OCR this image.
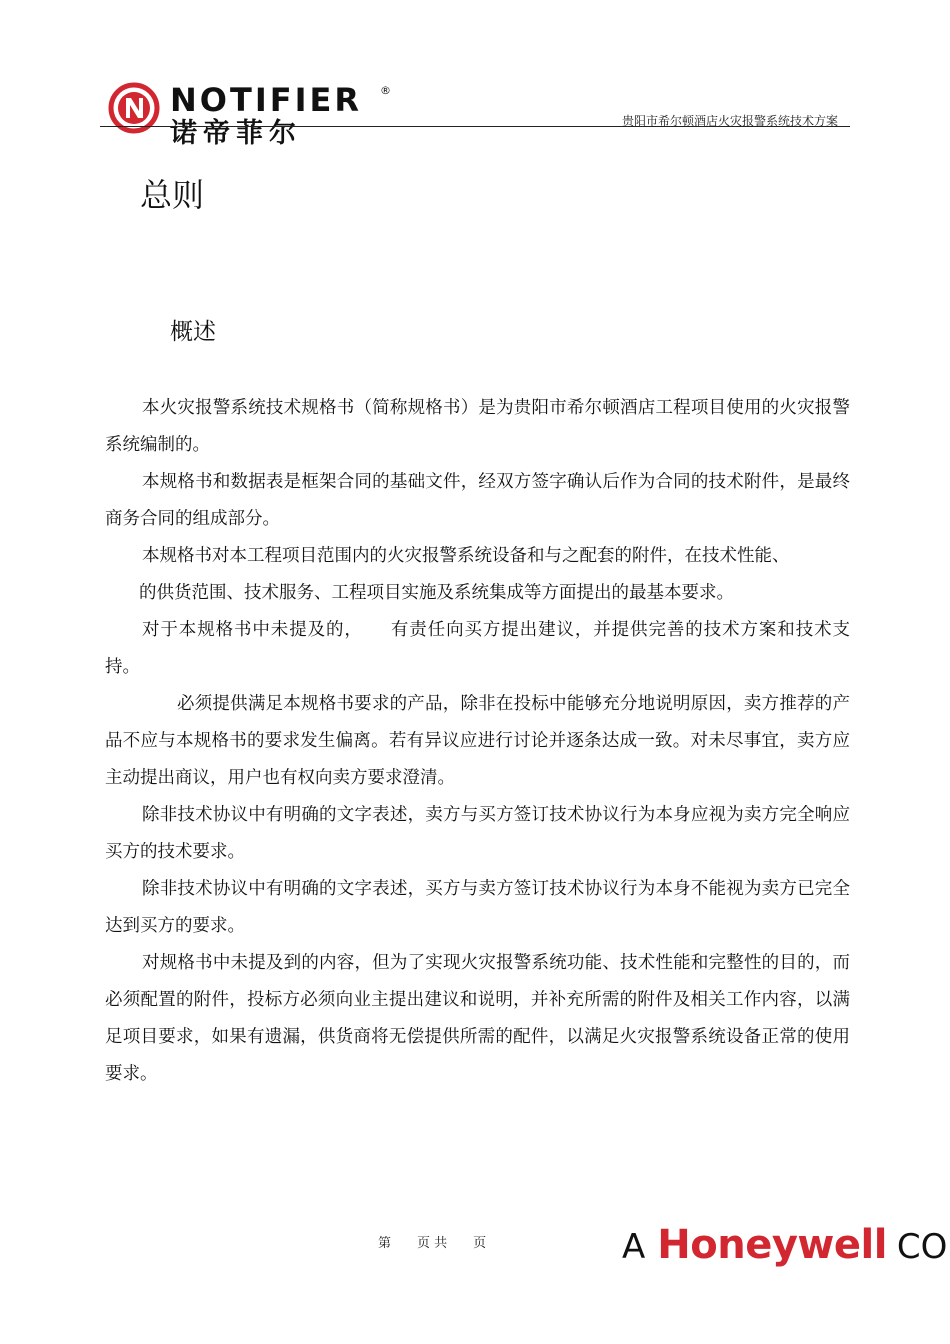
NOTIFIER ®
诺帝菲尔	贵阳市希尔顿酒店火灾报警系统技术方案
总则
概述

本火灾报警系统技术规格书（简称规格书）是为贵阳市希尔顿酒店工程项目使用的火灾报警系统编制的。

本规格书和数据表是框架合同的基础文件，经双方签字确认后作为合同的技术附件，是最终商务合同的组成部分。

本规格书对本工程项目范围内的火灾报警系统设备和与之配套的附件，在技术性能、

的供货范围、技术服务、工程项目实施及系统集成等方面提出的最基本要求。

对于本规格书中未提及的，　　有责任向买方提出建议，并提供完善的技术方案和技术支持。

必须提供满足本规格书要求的产品，除非在投标中能够充分地说明原因，卖方推荐的产品不应与本规格书的要求发生偏离。若有异议应进行讨论并逐条达成一致。对未尽事宜，卖方应主动提出商议，用户也有权向卖方要求澄清。

除非技术协议中有明确的文字表述，卖方与买方签订技术协议行为本身应视为卖方完全响应买方的技术要求。

除非技术协议中有明确的文字表述，买方与卖方签订技术协议行为本身不能视为卖方已完全达到买方的要求。

对规格书中未提及到的内容，但为了实现火灾报警系统功能、技术性能和完整性的目的，而必须配置的附件，投标方必须向业主提出建议和说明，并补充所需的附件及相关工作内容，以满足项目要求，如果有遗漏，供货商将无偿提供所需的配件，以满足火灾报警系统设备正常的使用要求。

第　　页 共　　页	A Honeywell CO
